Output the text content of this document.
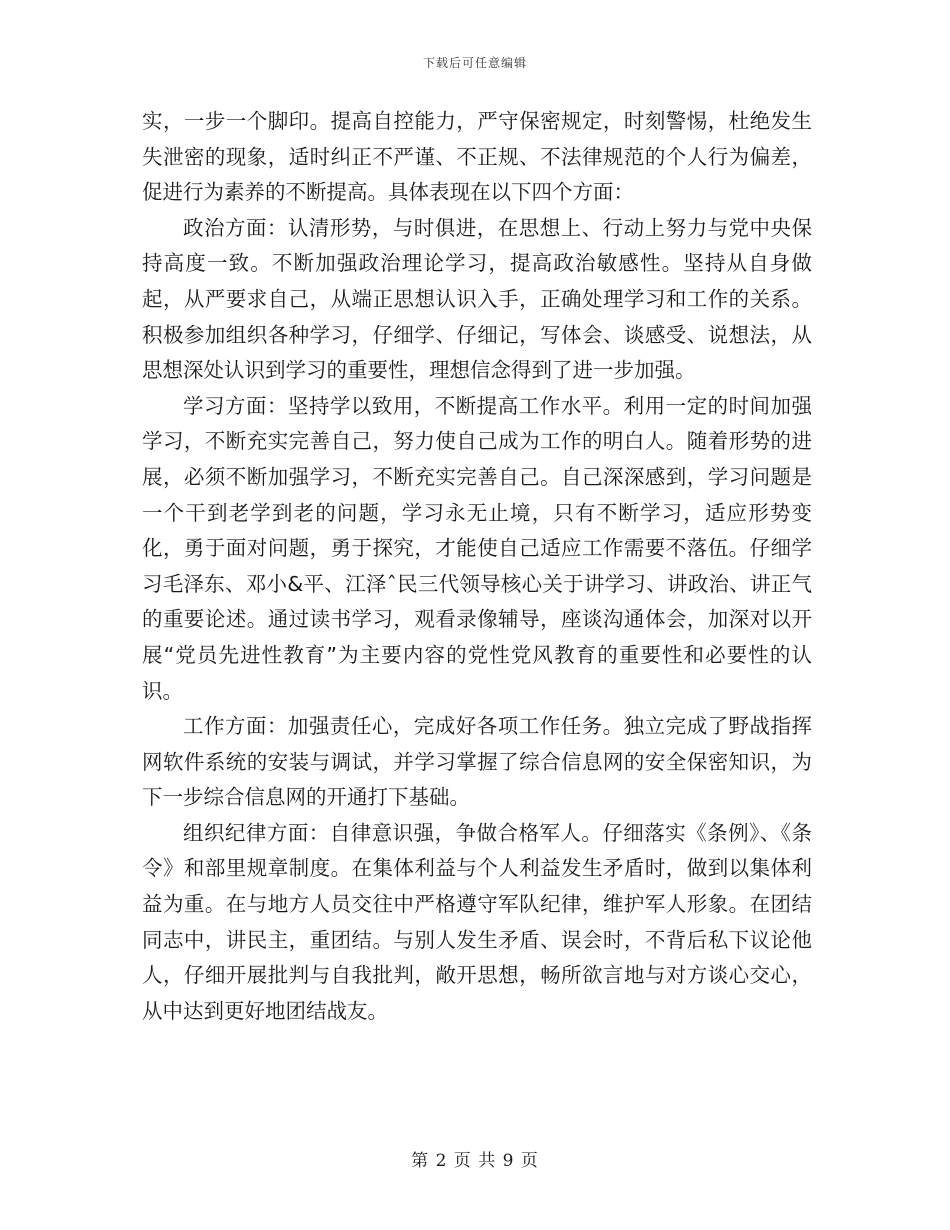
下载后可任意编辑

实，一步一个脚印。提高自控能力，严守保密规定，时刻警惕，杜绝发生失泄密的现象，适时纠正不严谨、不正规、不法律规范的个人行为偏差，促进行为素养的不断提高。具体表现在以下四个方面：

政治方面：认清形势，与时俱进，在思想上、行动上努力与党中央保持高度一致。不断加强政治理论学习，提高政治敏感性。坚持从自身做起，从严要求自己，从端正思想认识入手，正确处理学习和工作的关系。积极参加组织各种学习，仔细学、仔细记，写体会、谈感受、说想法，从思想深处认识到学习的重要性，理想信念得到了进一步加强。

学习方面：坚持学以致用，不断提高工作水平。利用一定的时间加强学习，不断充实完善自己，努力使自己成为工作的明白人。随着形势的进展，必须不断加强学习，不断充实完善自己。自己深深感到，学习问题是一个干到老学到老的问题，学习永无止境，只有不断学习，适应形势变化，勇于面对问题，勇于探究，才能使自己适应工作需要不落伍。仔细学习毛泽东、邓小&平、江泽ˆ民三代领导核心关于讲学习、讲政治、讲正气的重要论述。通过读书学习，观看录像辅导，座谈沟通体会，加深对以开展“党员先进性教育”为主要内容的党性党风教育的重要性和必要性的认识。

工作方面：加强责任心，完成好各项工作任务。独立完成了野战指挥网软件系统的安装与调试，并学习掌握了综合信息网的安全保密知识，为下一步综合信息网的开通打下基础。

组织纪律方面：自律意识强，争做合格军人。仔细落实《条例》、《条令》和部里规章制度。在集体利益与个人利益发生矛盾时，做到以集体利益为重。在与地方人员交往中严格遵守军队纪律，维护军人形象。在团结同志中，讲民主，重团结。与别人发生矛盾、误会时，不背后私下议论他人，仔细开展批判与自我批判，敞开思想，畅所欲言地与对方谈心交心，从中达到更好地团结战友。

第 2 页 共 9 页
